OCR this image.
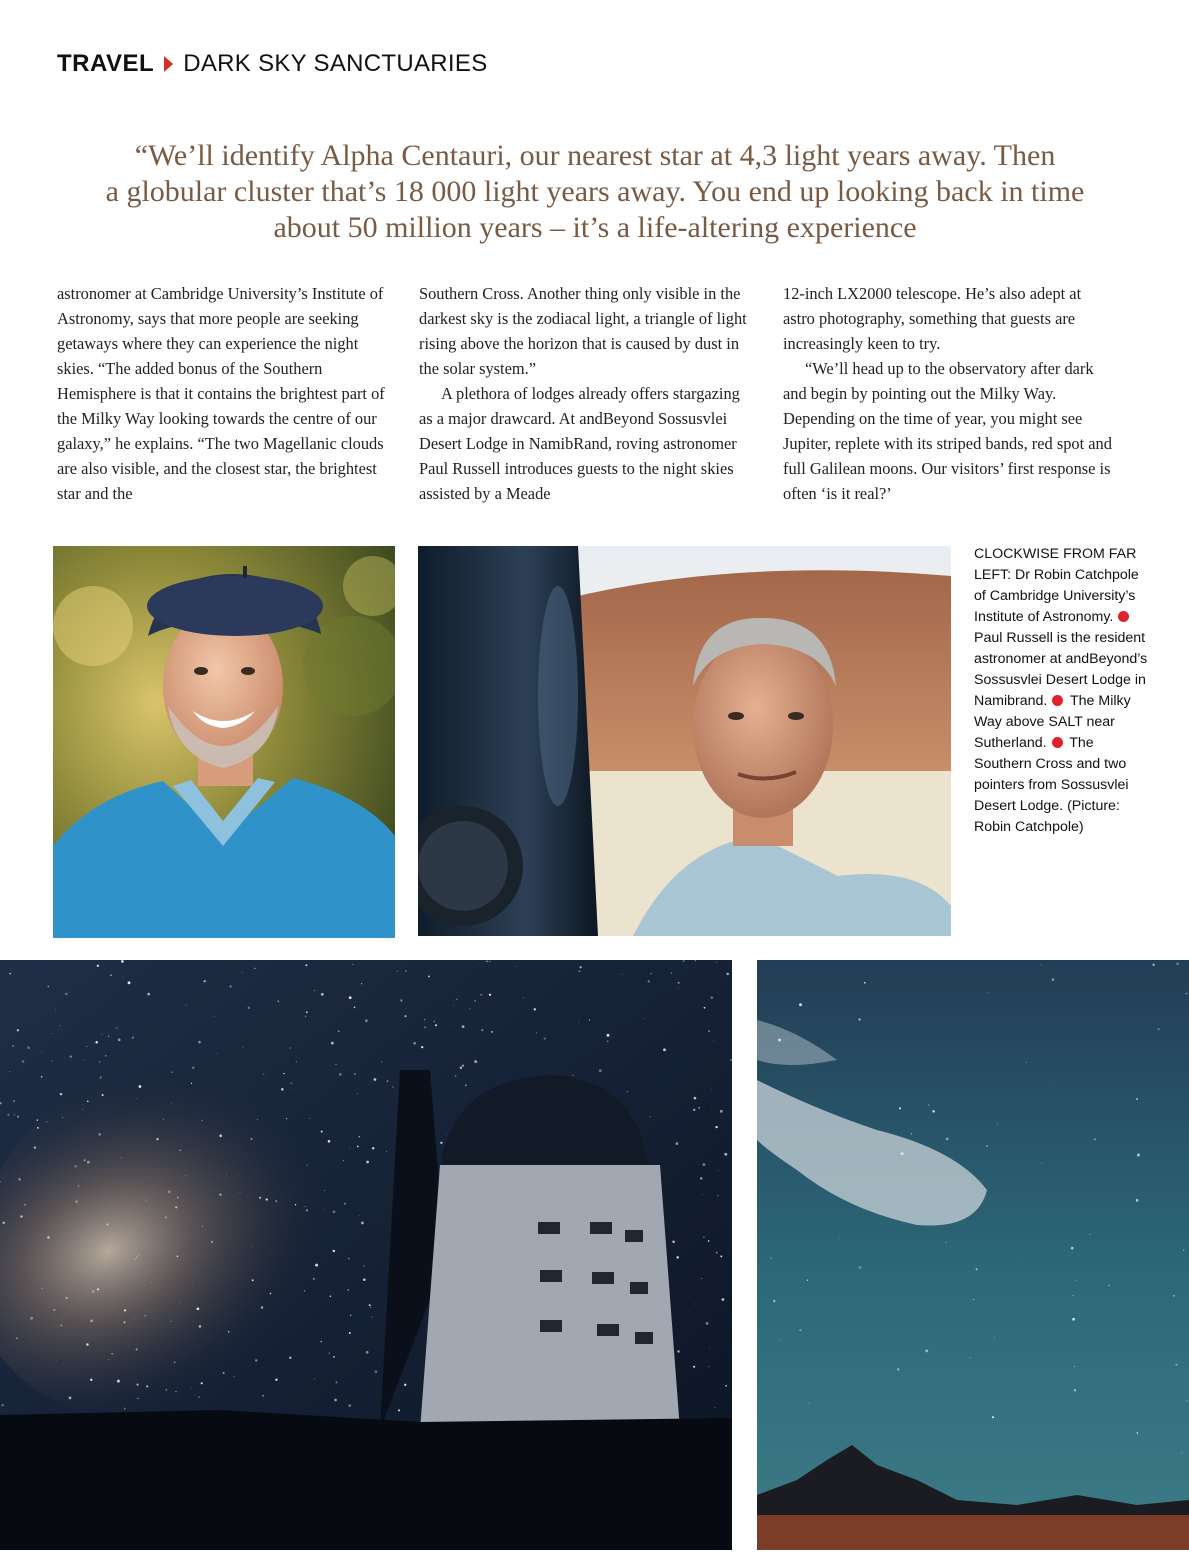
TRAVEL DARK SKY SANCTUARIES
“We’ll identify Alpha Centauri, our nearest star at 4,3 light years away. Then
a globular cluster that’s 18 000 light years away. You end up looking back in time
about 50 million years – it’s a life-altering experience

astronomer at Cambridge University’s Institute of Astronomy, says that more people are seeking getaways where they can experience the night skies. “The added bonus of the Southern Hemisphere is that it contains the brightest part of the Milky Way looking towards the centre of our galaxy,” he explains. “The two Magellanic clouds are also visible, and the closest star, the brightest star and the

Southern Cross. Another thing only visible in the darkest sky is the zodiacal light, a triangle of light rising above the horizon that is caused by dust in the solar system.”

A plethora of lodges already offers stargazing as a major drawcard. At andBeyond Sossusvlei Desert Lodge in NamibRand, roving astronomer Paul Russell introduces guests to the night skies assisted by a Meade

12-inch LX2000 telescope. He’s also adept at astro photography, something that guests are increasingly keen to try.

“We’ll head up to the observatory after dark and begin by pointing out the Milky Way. Depending on the time of year, you might see Jupiter, replete with its striped bands, red spot and full Galilean moons. Our visitors’ first response is often ‘is it real?’

CLOCKWISE FROM FAR LEFT: Dr Robin Catchpole of Cambridge University’s Institute of Astronomy.  Paul Russell is the resident astronomer at andBeyond’s Sossusvlei Desert Lodge in Namibrand. The Milky Way above SALT near Sutherland. The Southern Cross and two pointers from Sossusvlei Desert Lodge. (Picture: Robin Catchpole)
